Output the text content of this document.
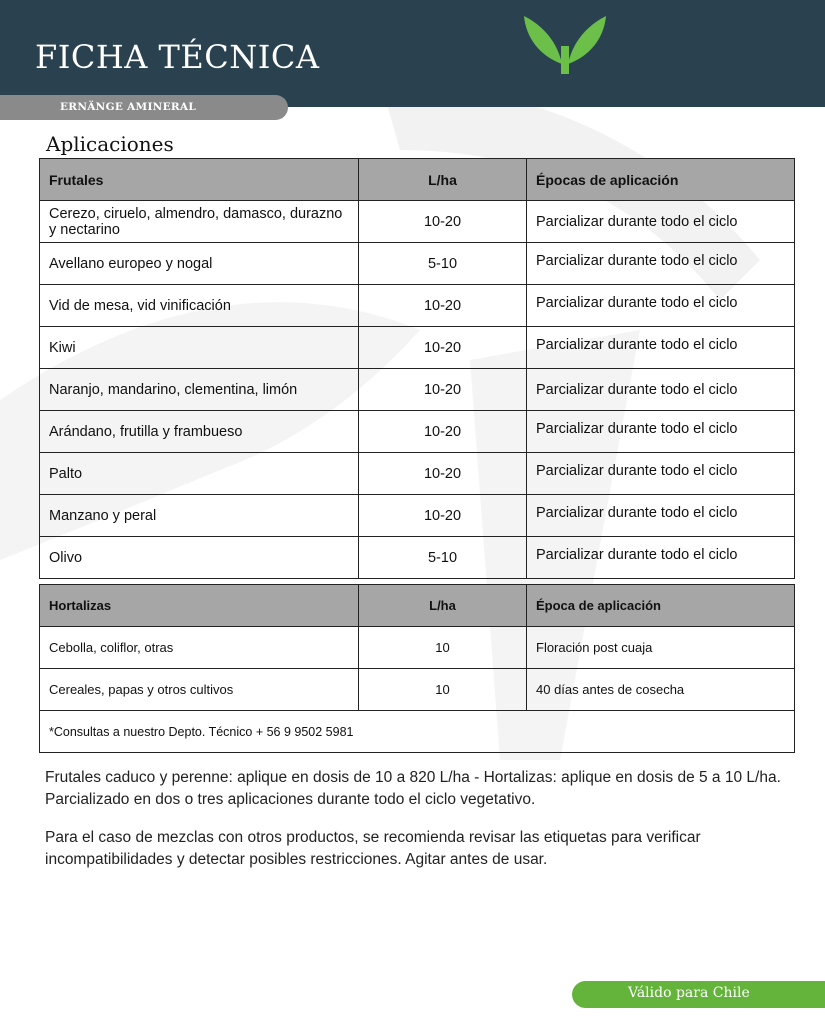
FICHA TÉCNICA
ERNÄNGE AMINERAL
Aplicaciones
Frutales	L/ha	Épocas de aplicación
Cerezo, ciruelo, almendro, damasco, durazno y nectarino	10-20	Parcializar durante todo el ciclo
Avellano europeo y nogal	5-10	Parcializar durante todo el ciclo
Vid de mesa, vid vinificación	10-20	Parcializar durante todo el ciclo
Kiwi	10-20	Parcializar durante todo el ciclo
Naranjo, mandarino, clementina, limón	10-20	Parcializar durante todo el ciclo
Arándano, frutilla y frambueso	10-20	Parcializar durante todo el ciclo
Palto	10-20	Parcializar durante todo el ciclo
Manzano y peral	10-20	Parcializar durante todo el ciclo
Olivo	5-10	Parcializar durante todo el ciclo
Hortalizas	L/ha	Época de aplicación
Cebolla, coliflor, otras	10	Floración post cuaja
Cereales, papas y otros cultivos	10	40 días antes de cosecha
*Consultas a nuestro Depto. Técnico + 56 9 9502 5981		

Frutales caduco y perenne: aplique en dosis de 10 a 820 L/ha - Hortalizas: aplique en dosis de 5 a 10 L/ha. Parcializado en dos o tres aplicaciones durante todo el ciclo vegetativo.

Para el caso de mezclas con otros productos, se recomienda revisar las etiquetas para verificar incompatibilidades y detectar posibles restricciones. Agitar antes de usar.

Válido para Chile
